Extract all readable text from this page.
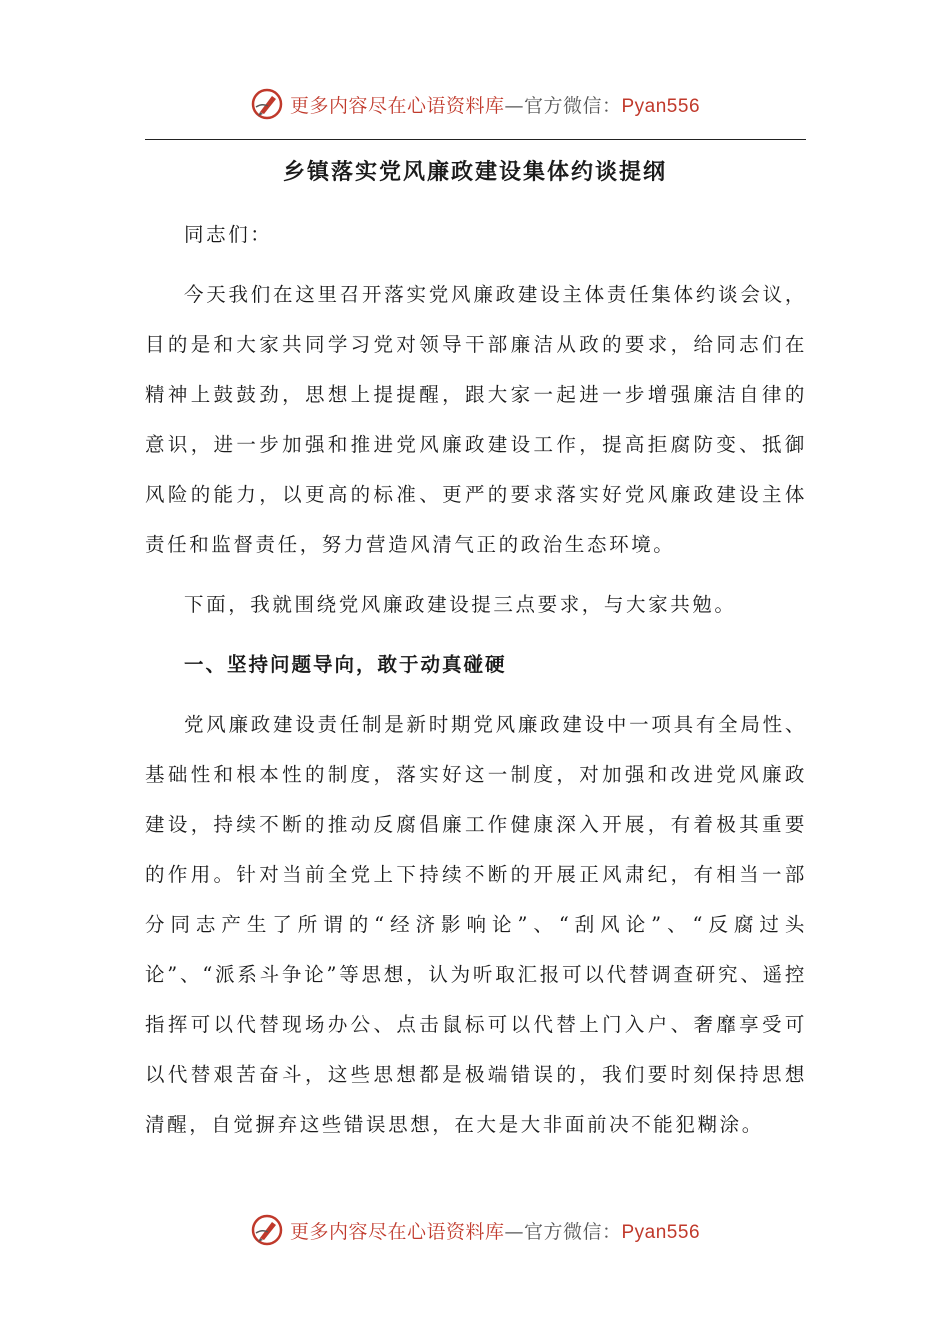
更多内容尽在心语资料库—官方微信：Pyan556
乡镇落实党风廉政建设集体约谈提纲

同志们：

今天我们在这里召开落实党风廉政建设主体责任集体约谈会议，目的是和大家共同学习党对领导干部廉洁从政的要求，给同志们在精神上鼓鼓劲，思想上提提醒，跟大家一起进一步增强廉洁自律的意识，进一步加强和推进党风廉政建设工作，提高拒腐防变、抵御风险的能力，以更高的标准、更严的要求落实好党风廉政建设主体责任和监督责任，努力营造风清气正的政治生态环境。

下面，我就围绕党风廉政建设提三点要求，与大家共勉。

一、坚持问题导向，敢于动真碰硬

党风廉政建设责任制是新时期党风廉政建设中一项具有全局性、基础性和根本性的制度，落实好这一制度，对加强和改进党风廉政建设，持续不断的推动反腐倡廉工作健康深入开展，有着极其重要的作用。针对当前全党上下持续不断的开展正风肃纪，有相当一部分同志产生了所谓的“经济影响论”、“刮风论”、“反腐过头论”、“派系斗争论”等思想，认为听取汇报可以代替调查研究、遥控指挥可以代替现场办公、点击鼠标可以代替上门入户、奢靡享受可以代替艰苦奋斗，这些思想都是极端错误的，我们要时刻保持思想清醒，自觉摒弃这些错误思想，在大是大非面前决不能犯糊涂。

更多内容尽在心语资料库—官方微信：Pyan556
